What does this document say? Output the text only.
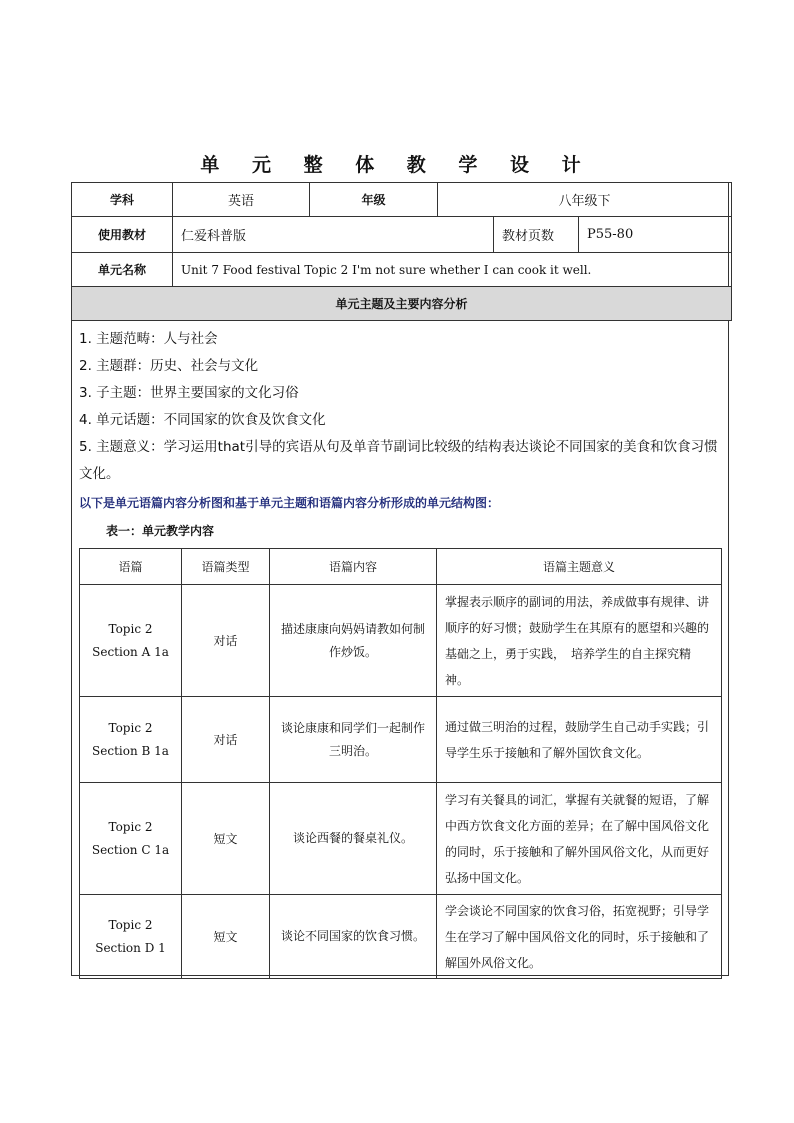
单 元 整 体 教 学 设 计
学科	英语	年级	八年级下		
使用教材	仁爱科普版			教材页数	P55-80
单元名称	Unit 7 Food festival Topic 2 I'm not sure whether I can cook it well.				
单元主题及主要内容分析					
1. 主题范畴：人与社会
2. 主题群：历史、社会与文化
3. 子主题：世界主要国家的文化习俗
4. 单元话题：不同国家的饮食及饮食文化
5. 主题意义：学习运用that引导的宾语从句及单音节副词比较级的结构表达谈论不同国家的美食和饮食习惯文化。
以下是单元语篇内容分析图和基于单元主题和语篇内容分析形成的单元结构图：
表一：单元教学内容
语篇	语篇类型	语篇内容	语篇主题意义

Topic 2
Section A 1a	对话	描述康康向妈妈请教如何制作炒饭。	掌握表示顺序的副词的用法，养成做事有规律、讲顺序的好习惯；鼓励学生在其原有的愿望和兴趣的基础之上，勇于实践，　培养学生的自主探究精神。

Topic 2
Section B 1a	对话	谈论康康和同学们一起制作三明治。	通过做三明治的过程，鼓励学生自己动手实践；引导学生乐于接触和了解外国饮食文化。

Topic 2
Section C 1a	短文	谈论西餐的餐桌礼仪。	学习有关餐具的词汇，掌握有关就餐的短语，了解中西方饮食文化方面的差异；在了解中国风俗文化的同时，乐于接触和了解外国风俗文化，从而更好弘扬中国文化。

Topic 2
Section D 1	短文	谈论不同国家的饮食习惯。	学会谈论不同国家的饮食习俗，拓宽视野；引导学生在学习了解中国风俗文化的同时，乐于接触和了解国外风俗文化。
